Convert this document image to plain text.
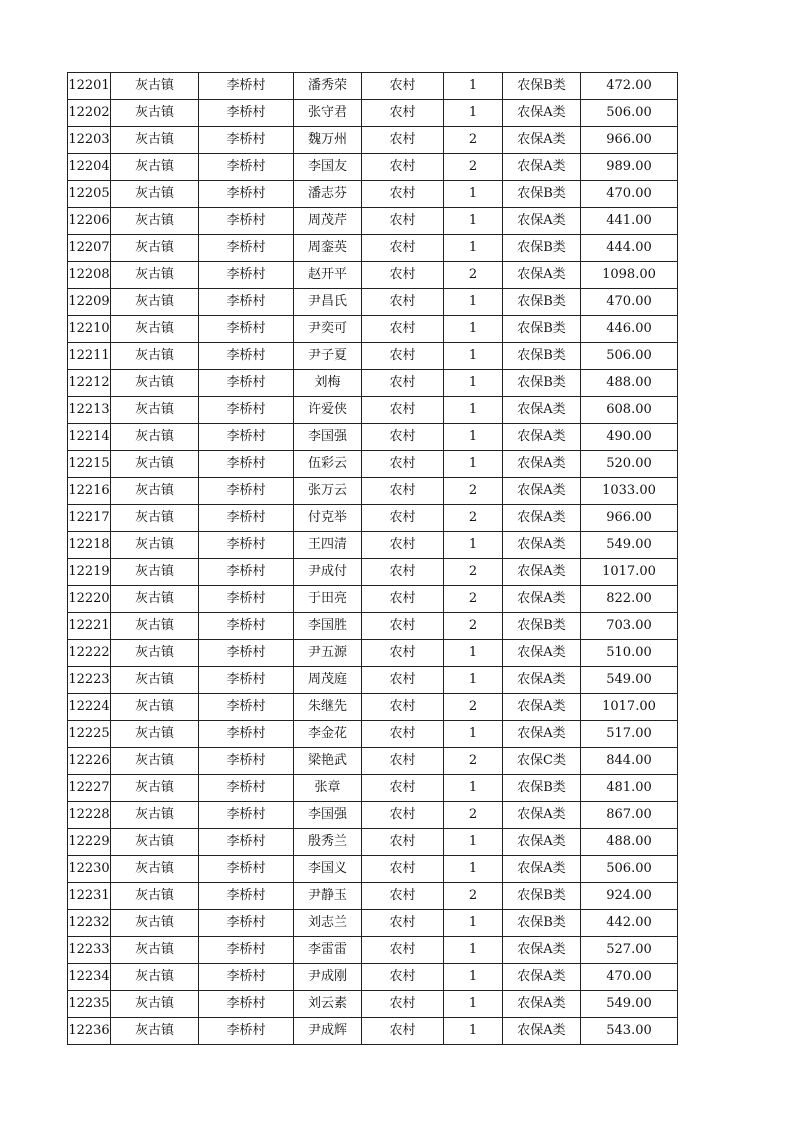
12201	灰古镇	李桥村	潘秀荣	农村	1	农保B类	472.00
12202	灰古镇	李桥村	张守君	农村	1	农保A类	506.00
12203	灰古镇	李桥村	魏万州	农村	2	农保A类	966.00
12204	灰古镇	李桥村	李国友	农村	2	农保A类	989.00
12205	灰古镇	李桥村	潘志芬	农村	1	农保B类	470.00
12206	灰古镇	李桥村	周茂芹	农村	1	农保A类	441.00
12207	灰古镇	李桥村	周銮英	农村	1	农保B类	444.00
12208	灰古镇	李桥村	赵开平	农村	2	农保A类	1098.00
12209	灰古镇	李桥村	尹昌氏	农村	1	农保B类	470.00
12210	灰古镇	李桥村	尹奕可	农村	1	农保B类	446.00
12211	灰古镇	李桥村	尹子夏	农村	1	农保B类	506.00
12212	灰古镇	李桥村	刘梅	农村	1	农保B类	488.00
12213	灰古镇	李桥村	许爱侠	农村	1	农保A类	608.00
12214	灰古镇	李桥村	李国强	农村	1	农保A类	490.00
12215	灰古镇	李桥村	伍彩云	农村	1	农保A类	520.00
12216	灰古镇	李桥村	张万云	农村	2	农保A类	1033.00
12217	灰古镇	李桥村	付克举	农村	2	农保A类	966.00
12218	灰古镇	李桥村	王四清	农村	1	农保A类	549.00
12219	灰古镇	李桥村	尹成付	农村	2	农保A类	1017.00
12220	灰古镇	李桥村	于田亮	农村	2	农保A类	822.00
12221	灰古镇	李桥村	李国胜	农村	2	农保B类	703.00
12222	灰古镇	李桥村	尹五源	农村	1	农保A类	510.00
12223	灰古镇	李桥村	周茂庭	农村	1	农保A类	549.00
12224	灰古镇	李桥村	朱继先	农村	2	农保A类	1017.00
12225	灰古镇	李桥村	李金花	农村	1	农保A类	517.00
12226	灰古镇	李桥村	梁艳武	农村	2	农保C类	844.00
12227	灰古镇	李桥村	张章	农村	1	农保B类	481.00
12228	灰古镇	李桥村	李国强	农村	2	农保A类	867.00
12229	灰古镇	李桥村	殷秀兰	农村	1	农保A类	488.00
12230	灰古镇	李桥村	李国义	农村	1	农保A类	506.00
12231	灰古镇	李桥村	尹静玉	农村	2	农保B类	924.00
12232	灰古镇	李桥村	刘志兰	农村	1	农保B类	442.00
12233	灰古镇	李桥村	李雷雷	农村	1	农保A类	527.00
12234	灰古镇	李桥村	尹成刚	农村	1	农保A类	470.00
12235	灰古镇	李桥村	刘云素	农村	1	农保A类	549.00
12236	灰古镇	李桥村	尹成辉	农村	1	农保A类	543.00
